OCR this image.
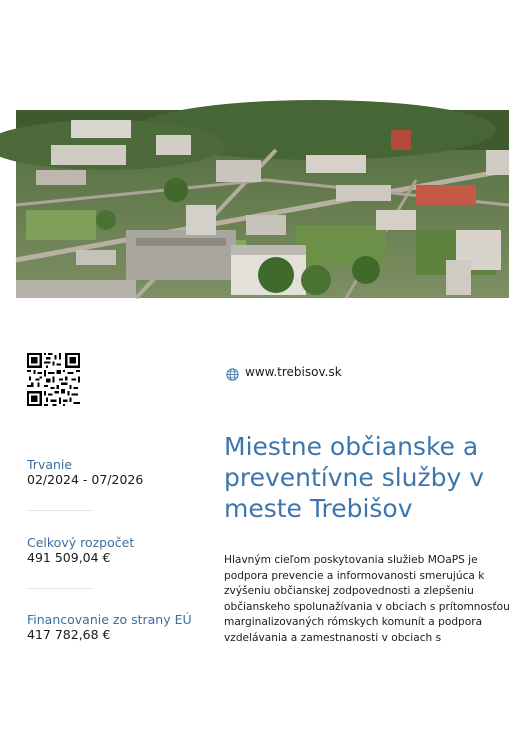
www.trebisov.sk
Miestne občianske a preventívne služby v meste Trebišov
Trvanie
02/2024 - 07/2026
Celkový rozpočet
491 509,04 €
Financovanie zo strany EÚ
417 782,68 €

Hlavným cieľom poskytovania služieb MOaPS je podpora prevencie a informovanosti smerujúca k zvýšeniu občianskej zodpovednosti a zlepšeniu občianskeho spolunažívania v obciach s prítomnosťou marginalizovaných rómskych komunít a podpora vzdelávania a zamestnanosti v obciach s
